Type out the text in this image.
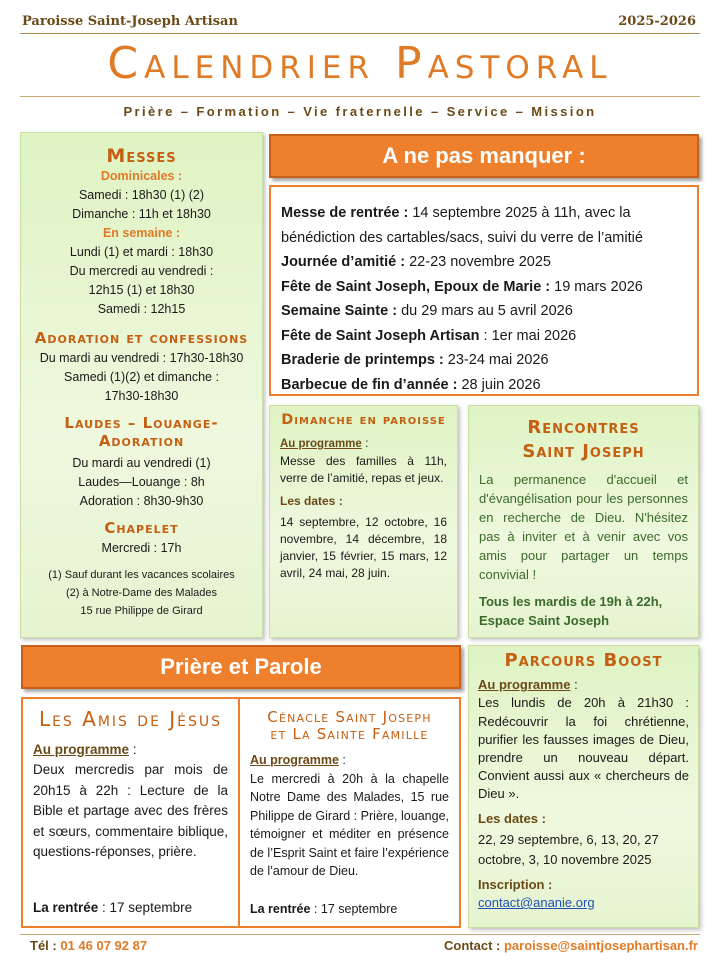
Paroisse Saint-Joseph Artisan	2025-2026
Calendrier Pastoral
Prière – Formation – Vie fraternelle – Service – Mission
Messes
Dominicales :
Samedi : 18h30 (1) (2)
Dimanche : 11h et 18h30
En semaine :
Lundi (1) et mardi : 18h30
Du mercredi au vendredi :
12h15 (1) et 18h30
Samedi : 12h15
Adoration et confessions
Du mardi au vendredi : 17h30-18h30
Samedi (1)(2) et dimanche :
17h30-18h30
Laudes – Louange- Adoration
Du mardi au vendredi (1)
Laudes—Louange : 8h
Adoration : 8h30-9h30
Chapelet
Mercredi : 17h
(1) Sauf durant les vacances scolaires
(2) à Notre-Dame des Malades
15 rue Philippe de Girard
A ne pas manquer :
Messe de rentrée : 14 septembre 2025 à 11h, avec la bénédiction des cartables/sacs, suivi du verre de l’amitié
Journée d’amitié : 22-23 novembre 2025
Fête de Saint Joseph, Epoux de Marie : 19 mars 2026
Semaine Sainte : du 29 mars au 5 avril 2026
Fête de Saint Joseph Artisan : 1er mai 2026
Braderie de printemps : 23-24 mai 2026
Barbecue de fin d’année : 28 juin 2026
Dimanche en paroisse
Au programme :
Messe des familles à 11h, verre de l’amitié, repas et jeux.
Les dates :
14 septembre, 12 octobre, 16 novembre, 14 décembre, 18 janvier, 15 février, 15 mars, 12 avril, 24 mai, 28 juin.
Rencontres
Saint Joseph
La permanence d'accueil et d'évangélisation pour les personnes en recherche de Dieu. N'hésitez pas à inviter et à venir avec vos amis pour partager un temps convivial !
Tous les mardis de 19h à 22h, Espace Saint Joseph
Prière et Parole
Les Amis de Jésus
Au programme :
Deux mercredis par mois de 20h15 à 22h : Lecture de la Bible et partage avec des frères et sœurs, commentaire biblique, questions-réponses, prière.
La rentrée : 17 septembre
Cénacle Saint Joseph
et La Sainte Famille
Au programme :
Le mercredi à 20h à la chapelle Notre Dame des Malades, 15 rue Philippe de Girard : Prière, louange, témoigner et méditer en présence de l’Esprit Saint et faire l’expérience de l’amour de Dieu.
La rentrée : 17 septembre
Parcours Boost
Au programme :
Les lundis de 20h à 21h30 : Redécouvrir la foi chrétienne, purifier les fausses images de Dieu, prendre un nouveau départ. Convient aussi aux « chercheurs de Dieu ».
Les dates :
22, 29 septembre, 6, 13, 20, 27 octobre, 3, 10 novembre 2025
Inscription :
contact@ananie.org
Tél : 01 46 07 92 87	Contact : paroisse@saintjosephartisan.fr
